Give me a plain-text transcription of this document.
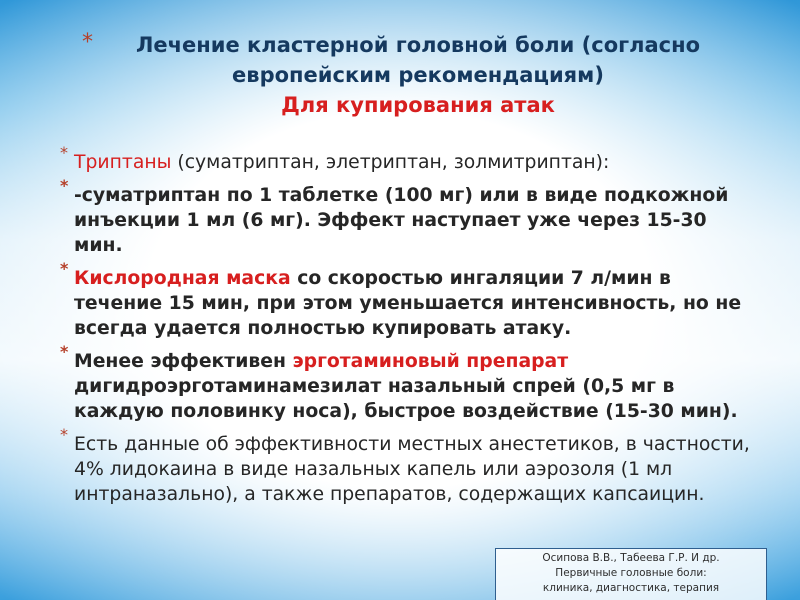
*	Лечение кластерной головной боли (согласно

европейским рекомендациям)

Для купирования атак

* Триптаны (суматриптан, элетриптан, золмитриптан):
* -суматриптан по 1 таблетке (100 мг) или в виде подкожной инъекции 1 мл (6 мг). Эффект наступает уже через 15-30 мин.
* Кислородная маска со скоростью ингаляции 7 л/мин в течение 15 мин, при этом уменьшается интенсивность, но не всегда удается полностью купировать атаку.
* Менее эффективен эрготаминовый препарат дигидроэрготаминамезилат назальный спрей (0,5 мг в каждую половинку носа), быстрое воздействие (15-30 мин).
* Есть данные об эффективности местных анестетиков, в частности, 4% лидокаина в виде назальных капель или аэрозоля (1 мл интраназально), а также препаратов, содержащих капсаицин.
Осипова В.В., Табеева Г.Р. И др.
Первичные головные боли:
клиника, диагностика, терапия
